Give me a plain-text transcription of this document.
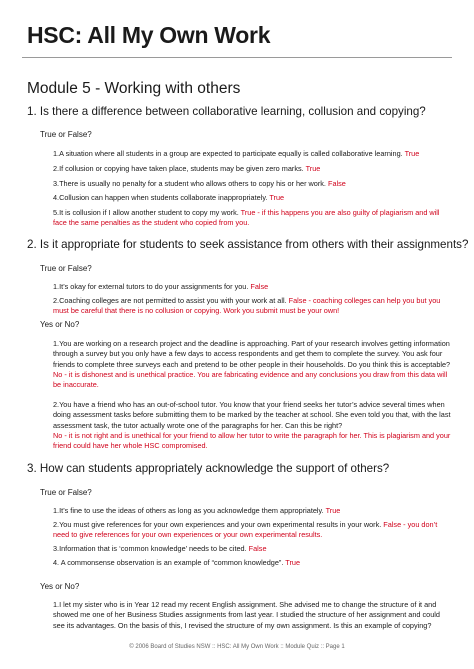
HSC: All My Own Work
Module 5 - Working with others
1. Is there a difference between collaborative learning, collusion and copying?
True or False?
1.A situation where all students in a group are expected to participate equally is called collaborative learning. True
2.If collusion or copying have taken place, students may be given zero marks. True
3.There is usually no penalty for a student who allows others to copy his or her work. False
4.Collusion can happen when students collaborate inappropriately. True
5.It is collusion if I allow another student to copy my work. True - if this happens you are also guilty of plagiarism and will face the same penalties as the student who copied from you.
2. Is it appropriate for students to seek assistance from others with their assignments?
True or False?
1.It’s okay for external tutors to do your assignments for you. False
2.Coaching colleges are not permitted to assist you with your work at all. False - coaching colleges can help you but you must be careful that there is no collusion or copying. Work you submit must be your own!
Yes or No?
1.You are working on a research project and the deadline is approaching. Part of your research involves getting information through a survey but you only have a few days to access respondents and get them to complete the survey. You ask four friends to complete three surveys each and pretend to be other people in their households. Do you think this is acceptable?
No - it is dishonest and is unethical practice. You are fabricating evidence and any conclusions you draw from this data will be inaccurate.
2.You have a friend who has an out-of-school tutor. You know that your friend seeks her tutor’s advice several times when doing assessment tasks before submitting them to be marked by the teacher at school. She even told you that, with the last assessment task, the tutor actually wrote one of the paragraphs for her. Can this be right?
No - it is not right and is unethical for your friend to allow her tutor to write the paragraph for her. This is plagiarism and your friend could have her whole HSC compromised.
3. How can students appropriately acknowledge the support of others?
True or False?
1.It’s fine to use the ideas of others as long as you acknowledge them appropriately. True
2.You must give references for your own experiences and your own experimental results in your work. False - you don’t need to give references for your own experiences or your own experimental results.
3.Information that is ‘common knowledge’ needs to be cited. False
4. A commonsense observation is an example of “common knowledge”. True
Yes or No?
1.I let my sister who is in Year 12 read my recent English assignment. She advised me to change the structure of it and showed me one of her Business Studies assignments from last year. I studied the structure of her assignment and could see its advantages. On the basis of this, I revised the structure of my own assignment. Is this an example of copying?
© 2006 Board of Studies NSW :: HSC: All My Own Work :: Module Quiz :: Page 1
